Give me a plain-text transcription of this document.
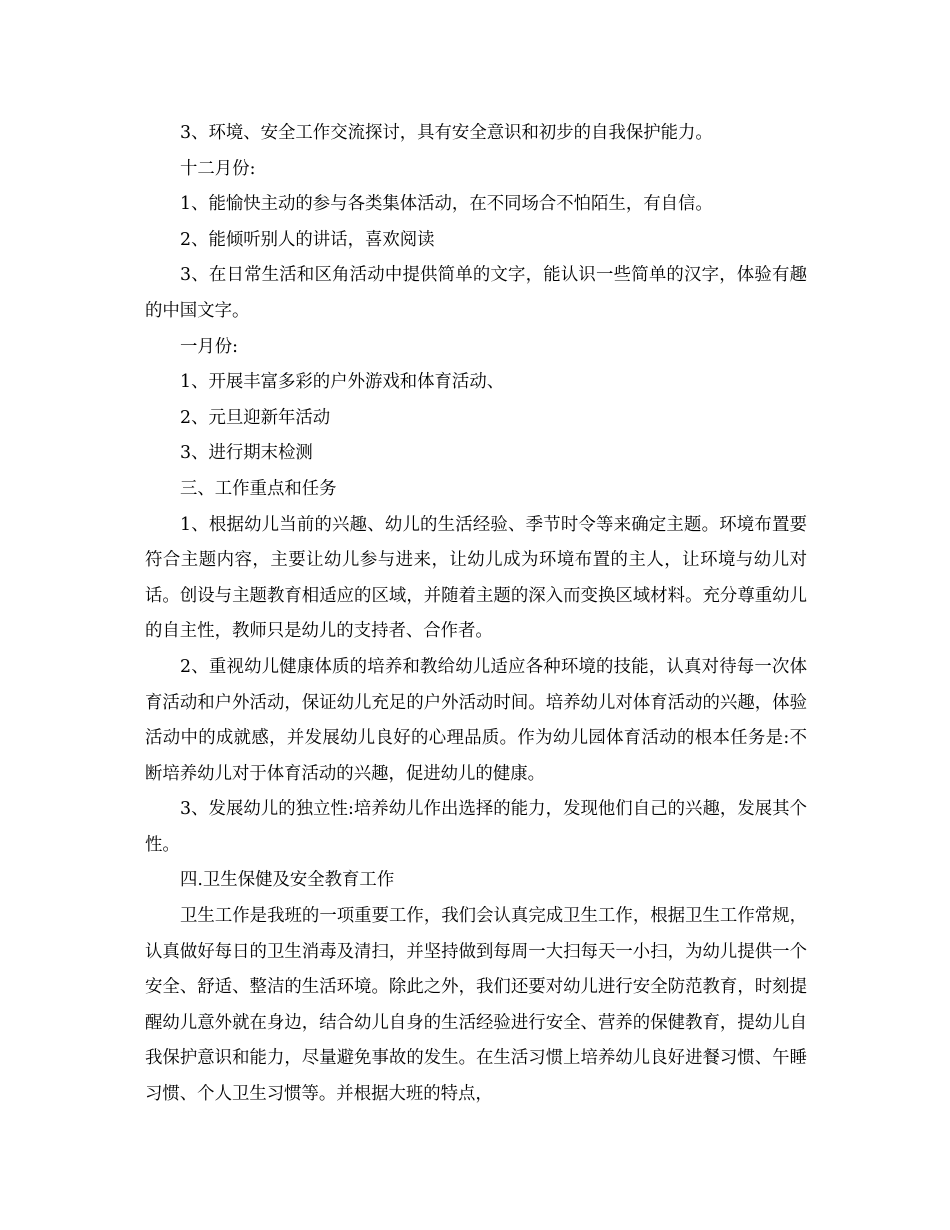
3、环境、安全工作交流探讨，具有安全意识和初步的自我保护能力。

十二月份:

1、能愉快主动的参与各类集体活动，在不同场合不怕陌生，有自信。

2、能倾听别人的讲话，喜欢阅读

3、在日常生活和区角活动中提供简单的文字，能认识一些简单的汉字，体验有趣的中国文字。

一月份:

1、开展丰富多彩的户外游戏和体育活动、

2、元旦迎新年活动

3、进行期末检测

三、工作重点和任务

1、根据幼儿当前的兴趣、幼儿的生活经验、季节时令等来确定主题。环境布置要符合主题内容，主要让幼儿参与进来，让幼儿成为环境布置的主人，让环境与幼儿对话。创设与主题教育相适应的区域，并随着主题的深入而变换区域材料。充分尊重幼儿的自主性，教师只是幼儿的支持者、合作者。

2、重视幼儿健康体质的培养和教给幼儿适应各种环境的技能，认真对待每一次体育活动和户外活动，保证幼儿充足的户外活动时间。培养幼儿对体育活动的兴趣，体验活动中的成就感，并发展幼儿良好的心理品质。作为幼儿园体育活动的根本任务是:不断培养幼儿对于体育活动的兴趣，促进幼儿的健康。

3、发展幼儿的独立性:培养幼儿作出选择的能力，发现他们自己的兴趣，发展其个性。

四.卫生保健及安全教育工作

卫生工作是我班的一项重要工作，我们会认真完成卫生工作，根据卫生工作常规，认真做好每日的卫生消毒及清扫，并坚持做到每周一大扫每天一小扫，为幼儿提供一个安全、舒适、整洁的生活环境。除此之外，我们还要对幼儿进行安全防范教育，时刻提醒幼儿意外就在身边，结合幼儿自身的生活经验进行安全、营养的保健教育，提幼儿自我保护意识和能力，尽量避免事故的发生。在生活习惯上培养幼儿良好进餐习惯、午睡习惯、个人卫生习惯等。并根据大班的特点，
